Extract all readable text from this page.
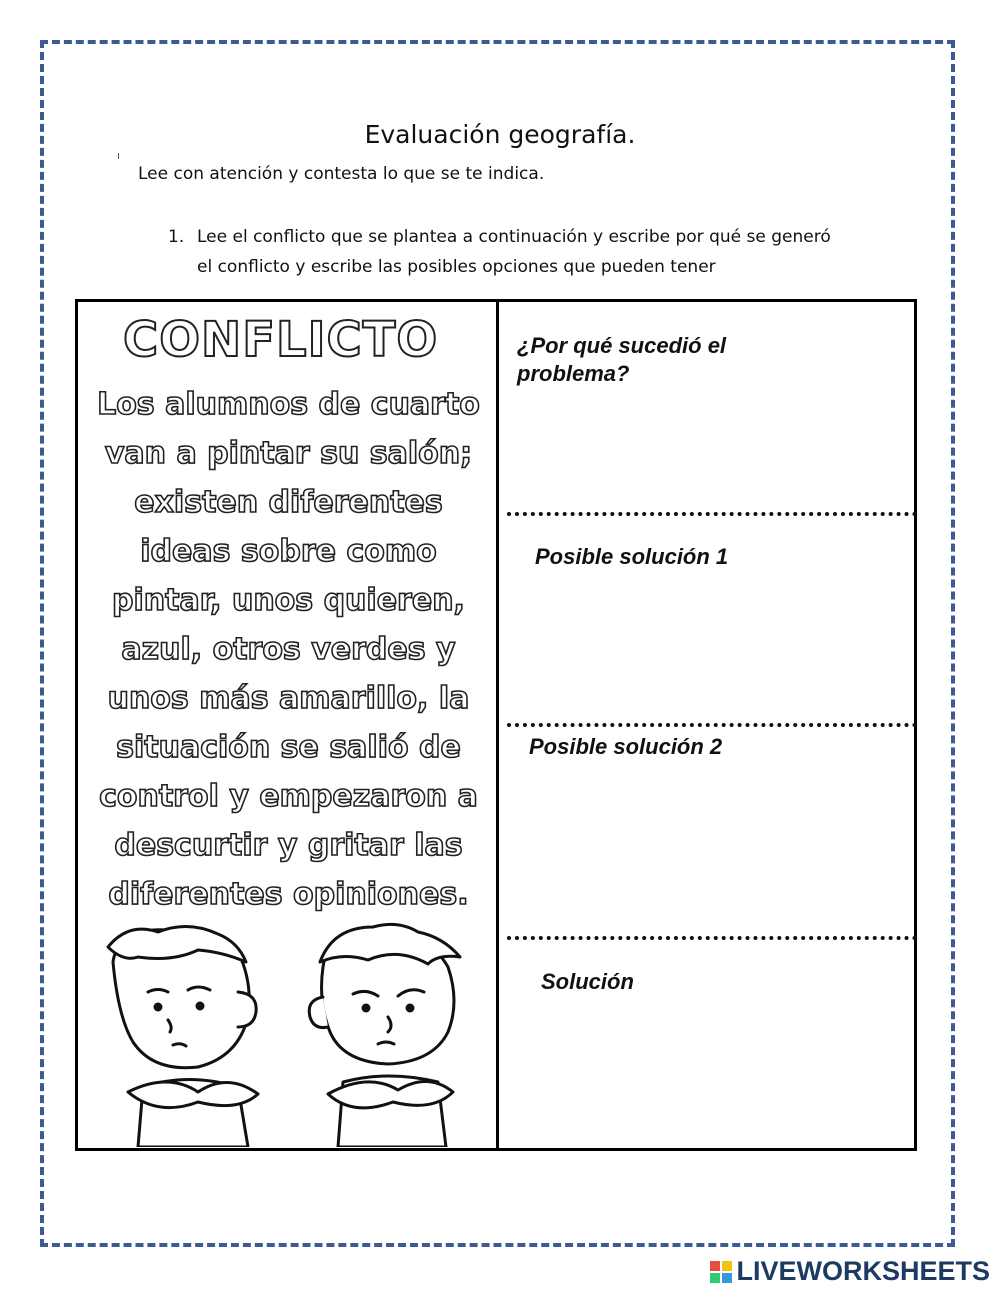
Evaluación geografía.
Lee con atención y contesta lo que se te indica.
1. Lee el conflicto que se plantea a continuación y escribe por qué se generó
el conflicto y escribe las posibles opciones que pueden tener
CONFLICTO
Los alumnos de cuarto
van a pintar su salón;
existen diferentes
ideas sobre como
pintar, unos quieren,
azul, otros verdes y
unos más amarillo, la
situación se salió de
control y empezaron a
descurtir y gritar las
diferentes opiniones.
¿Por qué sucedió el
problema?
Posible solución 1
Posible solución 2
Solución
LIVEWORKSHEETS
